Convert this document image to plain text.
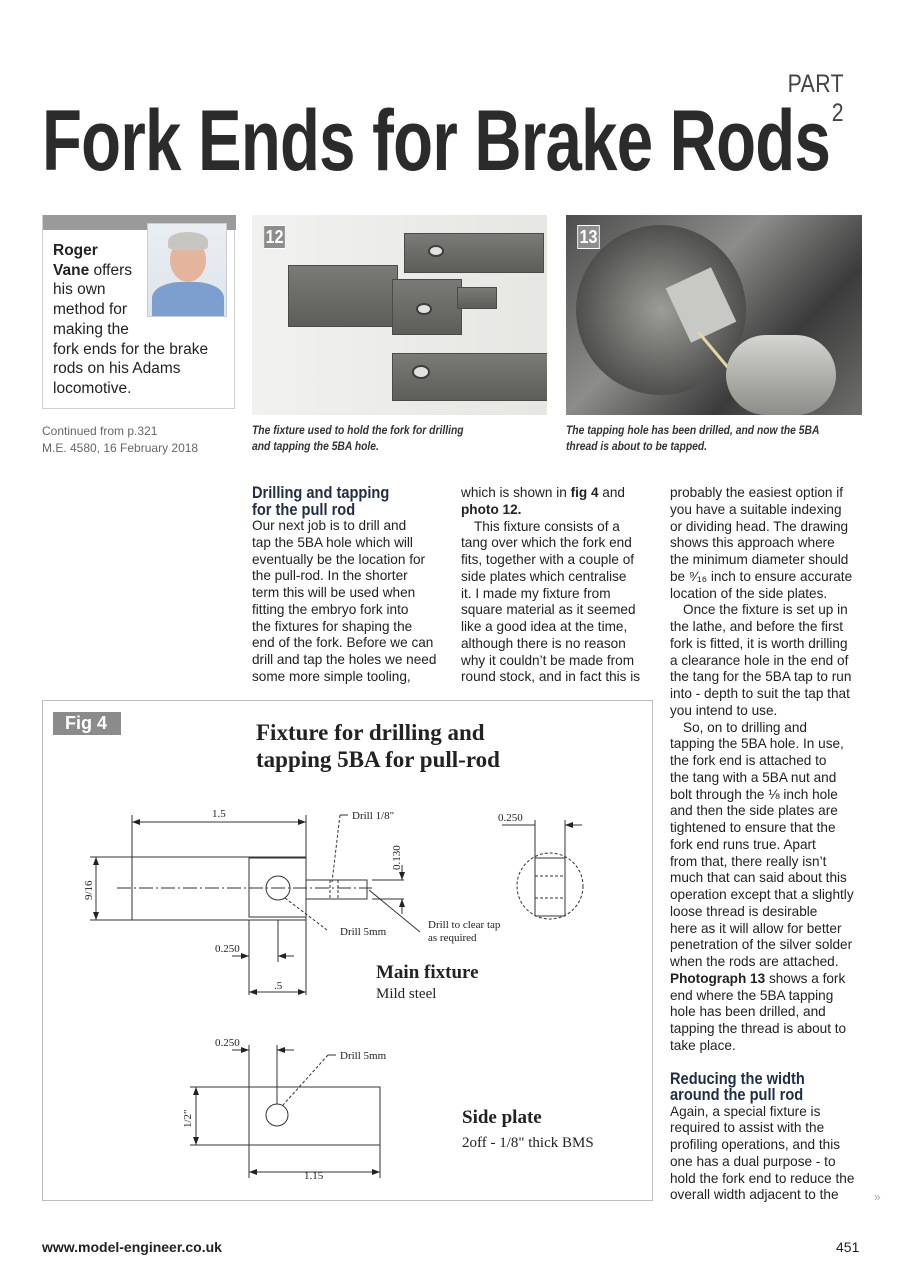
PART 2
Fork Ends for Brake Rods
Roger
Vane offers
his own
method for
making the
fork ends for the brake
rods on his Adams
locomotive.
Continued from p.321
M.E. 4580, 16 February 2018
12	13
The fixture used to hold the fork for drilling
and tapping the 5BA hole.
The tapping hole has been drilled, and now the 5BA
thread is about to be tapped.
Drilling and tapping
for the pull rod
Our next job is to drill and
tap the 5BA hole which will
eventually be the location for
the pull-rod. In the shorter
term this will be used when
fitting the embryo fork into
the fixtures for shaping the
end of the fork. Before we can
drill and tap the holes we need
some more simple tooling,
which is shown in fig 4 and
photo 12.
This fixture consists of a
tang over which the fork end
fits, together with a couple of
side plates which centralise
it. I made my fixture from
square material as it seemed
like a good idea at the time,
although there is no reason
why it couldn’t be made from
round stock, and in fact this is
probably the easiest option if
you have a suitable indexing
or dividing head. The drawing
shows this approach where
the minimum diameter should
be ⁹⁄₁₆ inch to ensure accurate
location of the side plates.
Once the fixture is set up in
the lathe, and before the first
fork is fitted, it is worth drilling
a clearance hole in the end of
the tang for the 5BA tap to run
into - depth to suit the tap that
you intend to use.
So, on to drilling and
tapping the 5BA hole. In use,
the fork end is attached to
the tang with a 5BA nut and
bolt through the ⅛ inch hole
and then the side plates are
tightened to ensure that the
fork end runs true. Apart
from that, there really isn’t
much that can said about this
operation except that a slightly
loose thread is desirable
here as it will allow for better
penetration of the silver solder
when the rods are attached.
Photograph 13 shows a fork
end where the 5BA tapping
hole has been drilled, and
tapping the thread is about to
take place.
Reducing the width
around the pull rod
Again, a special fixture is
required to assist with the
profiling operations, and this
one has a dual purpose - to
hold the fork end to reduce the
overall width adjacent to the
Fig 4	Fixture for drilling and
tapping 5BA for pull-rod
1.5
9/16
Drill 1/8"
0.130
0.250
Drill 5mm
Drill to clear tap
as required
0.250
.5
0.250
Drill 5mm
1/2"
1.15
Main fixture
Mild steel
Side plate
2off - 1/8" thick BMS
»
www.model-engineer.co.uk	451
